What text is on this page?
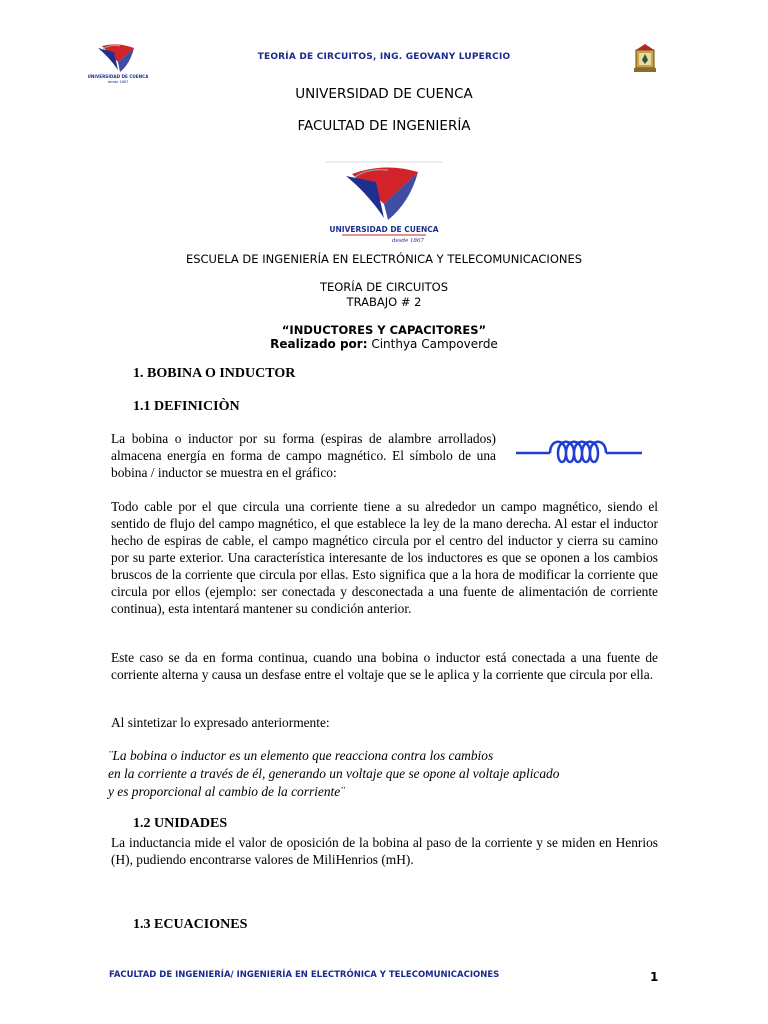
UNIVERSIDAD DE CUENCA
desde 1867
TEORÍA DE CIRCUITOS, ING. GEOVANY LUPERCIO
UNIVERSIDAD DE CUENCA
FACULTAD DE INGENIERÍA
UNIVERSIDAD DE CUENCA
desde 1867
ESCUELA DE INGENIERÍA EN ELECTRÓNICA Y TELECOMUNICACIONES
TEORÍA DE CIRCUITOS
TRABAJO # 2
“INDUCTORES Y CAPACITORES”
Realizado por: Cinthya Campoverde
1. BOBINA O INDUCTOR
1.1 DEFINICIÒN
La bobina o inductor por su forma (espiras de alambre arrollados) almacena energía en forma de campo magnético. El símbolo de una bobina / inductor se muestra en el gráfico:
Todo cable por el que circula una corriente tiene a su alrededor un campo magnético, siendo el sentido de flujo del campo magnético, el que establece la ley de la mano derecha. Al estar el inductor hecho de espiras de cable, el campo magnético circula por el centro del inductor y cierra su camino por su parte exterior. Una característica interesante de los inductores es que se oponen a los cambios bruscos de la corriente que circula por ellas. Esto significa que a la hora de modificar la corriente que circula por ellos (ejemplo: ser conectada y desconectada a una fuente de alimentación de corriente continua), esta intentará mantener su condición anterior.
Este caso se da en forma continua, cuando una bobina o inductor está conectada a una fuente de corriente alterna y causa un desfase entre el voltaje que se le aplica y la corriente que circula por ella.
Al sintetizar lo expresado anteriormente:
¨La bobina o inductor es un elemento que reacciona contra los cambios
en la corriente a través de él, generando un voltaje que se opone al voltaje aplicado
y es proporcional al cambio de la corriente¨
1.2 UNIDADES
La inductancia mide el valor de oposición de la bobina al paso de la corriente y se miden en Henrios (H), pudiendo encontrarse valores de MiliHenrios (mH).
1.3 ECUACIONES
FACULTAD DE INGENIERÍA/ INGENIERÍA EN ELECTRÓNICA Y TELECOMUNICACIONES	1
